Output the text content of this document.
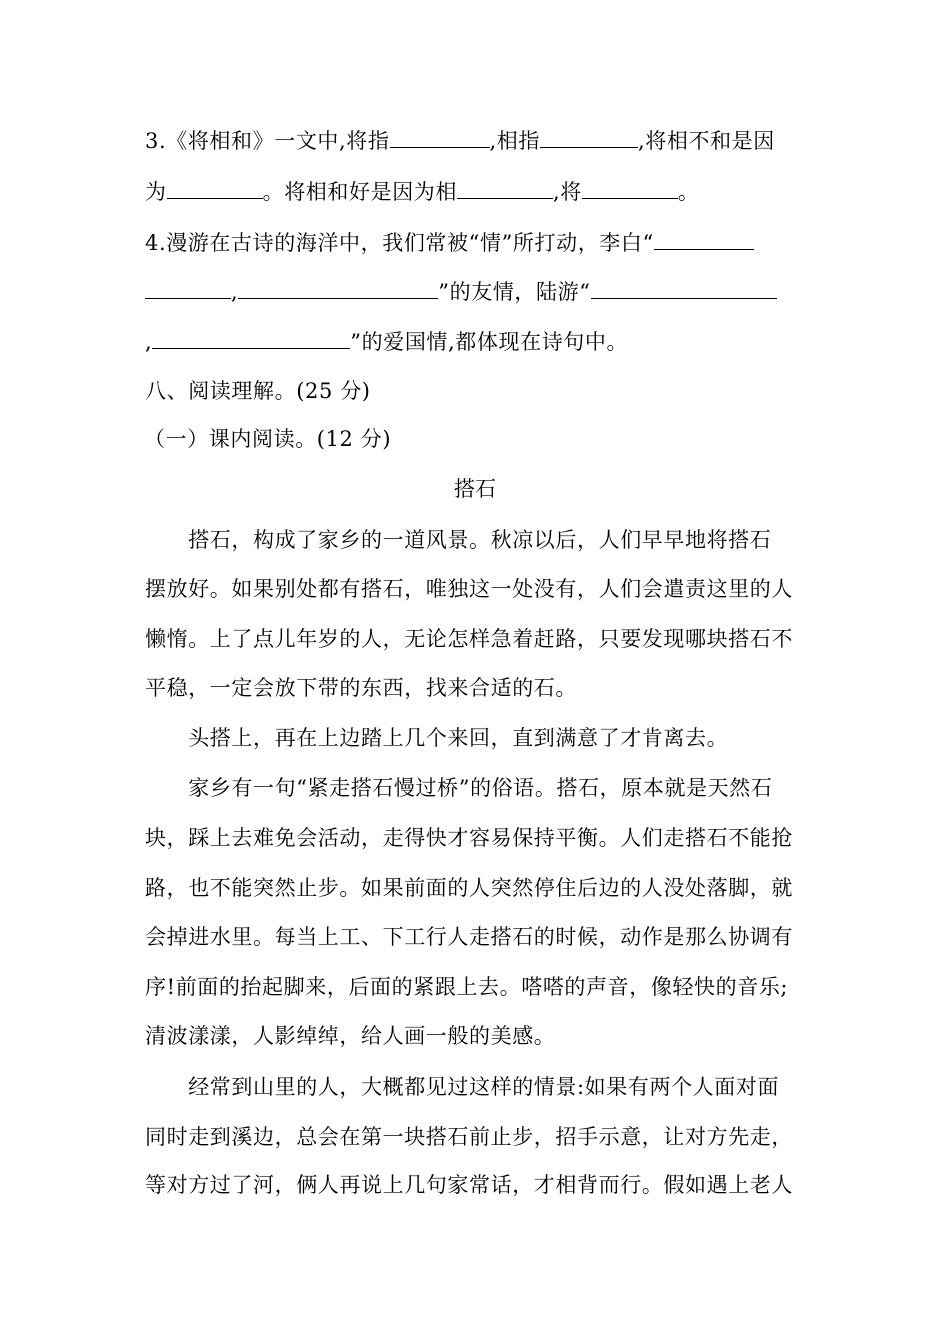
3.《将相和》一文中,将指	,相指	,将相不和是因
为	。将相和好是因为相	,将	。
4.漫游在古诗的海洋中，我们常被“情”所打动，李白“
,	”的友情，陆游“
,	”的爱国情,都体现在诗句中。
八、阅读理解。(25 分)
（一）课内阅读。(12 分)
搭石
　　搭石，构成了家乡的一道风景。秋凉以后，人们早早地将搭石
摆放好。如果别处都有搭石，唯独这一处没有，人们会遣责这里的人
懒惰。上了点儿年岁的人，无论怎样急着赶路，只要发现哪块搭石不
平稳，一定会放下带的东西，找来合适的石。
　　头搭上，再在上边踏上几个来回，直到满意了才肯离去。
　　家乡有一句“紧走搭石慢过桥”的俗语。搭石，原本就是天然石
块，踩上去难免会活动，走得快才容易保持平衡。人们走搭石不能抢
路，也不能突然止步。如果前面的人突然停住后边的人没处落脚，就
会掉进水里。每当上工、下工行人走搭石的时候，动作是那么协调有
序!前面的抬起脚来，后面的紧跟上去。嗒嗒的声音，像轻快的音乐;
清波漾漾，人影绰绰，给人画一般的美感。
　　经常到山里的人，大概都见过这样的情景:如果有两个人面对面
同时走到溪边，总会在第一块搭石前止步，招手示意，让对方先走，
等对方过了河，俩人再说上几句家常话，才相背而行。假如遇上老人
